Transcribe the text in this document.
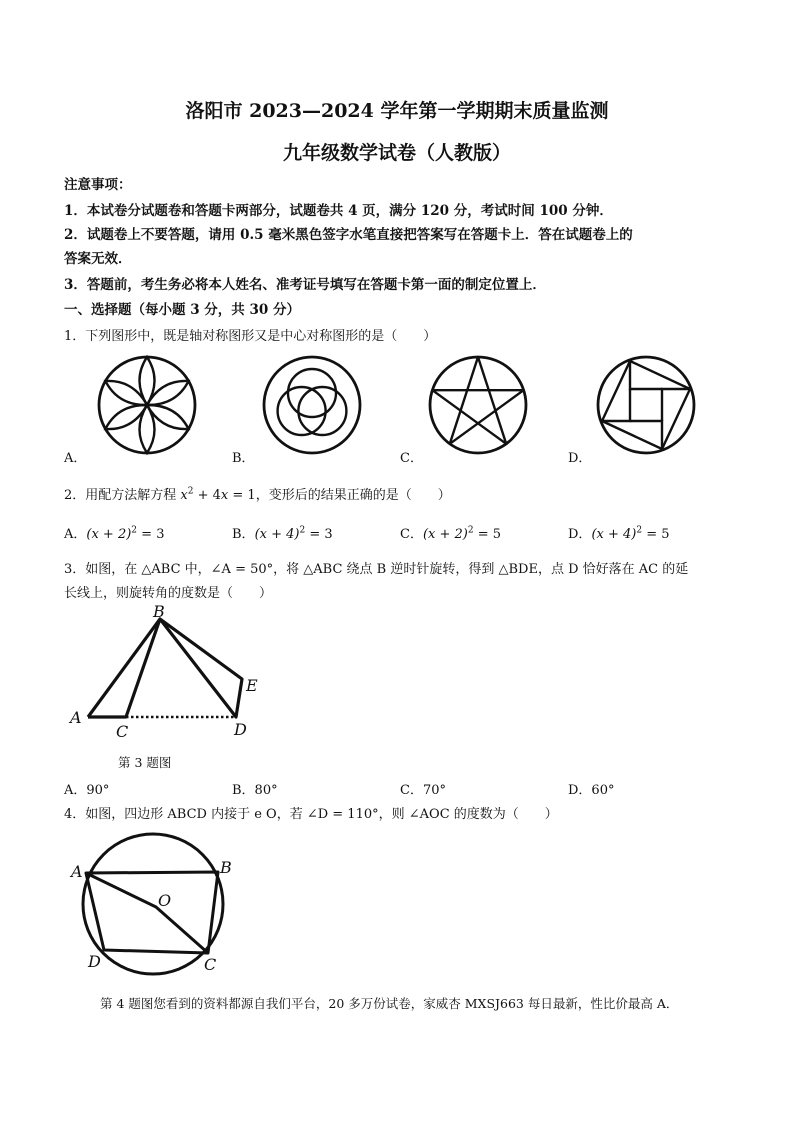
洛阳市 2023—2024 学年第一学期期末质量监测
九年级数学试卷（人教版）
注意事项：
1．本试卷分试题卷和答题卡两部分，试题卷共 4 页，满分 120 分，考试时间 100 分钟．
2．试题卷上不要答题，请用 0.5 毫米黑色签字水笔直接把答案写在答题卡上．答在试题卷上的
答案无效．
3．答题前，考生务必将本人姓名、准考证号填写在答题卡第一面的制定位置上．
一、选择题（每小题 3 分，共 30 分）
1．下列图形中，既是轴对称图形又是中心对称图形的是（　　）
A．	B．	C．	D．
2．用配方法解方程 $x^2 + 4x = 1$，变形后的结果正确的是（　　）
A．$(x + 2)^2 = 3$	B．$(x + 4)^2 = 3$	C．$(x + 2)^2 = 5$	D．$(x + 4)^2 = 5$
3．如图，在 △ABC 中，∠A = 50°，将 △ABC 绕点 B 逆时针旋转，得到 △BDE，点 D 恰好落在 AC 的延
长线上，则旋转角的度数是（　　）
B
A
C	D
E
第 3 题图
A．90°	B．80°	C．70°	D．60°
4．如图，四边形 ABCD 内接于 e O，若 ∠D = 110°，则 ∠AOC 的度数为（　　）
A	B
C
D
O
第 4 题图您看到的资料都源自我们平台，20 多万份试卷，家威杏 MXSJ663 每日最新，性比价最高 A．
